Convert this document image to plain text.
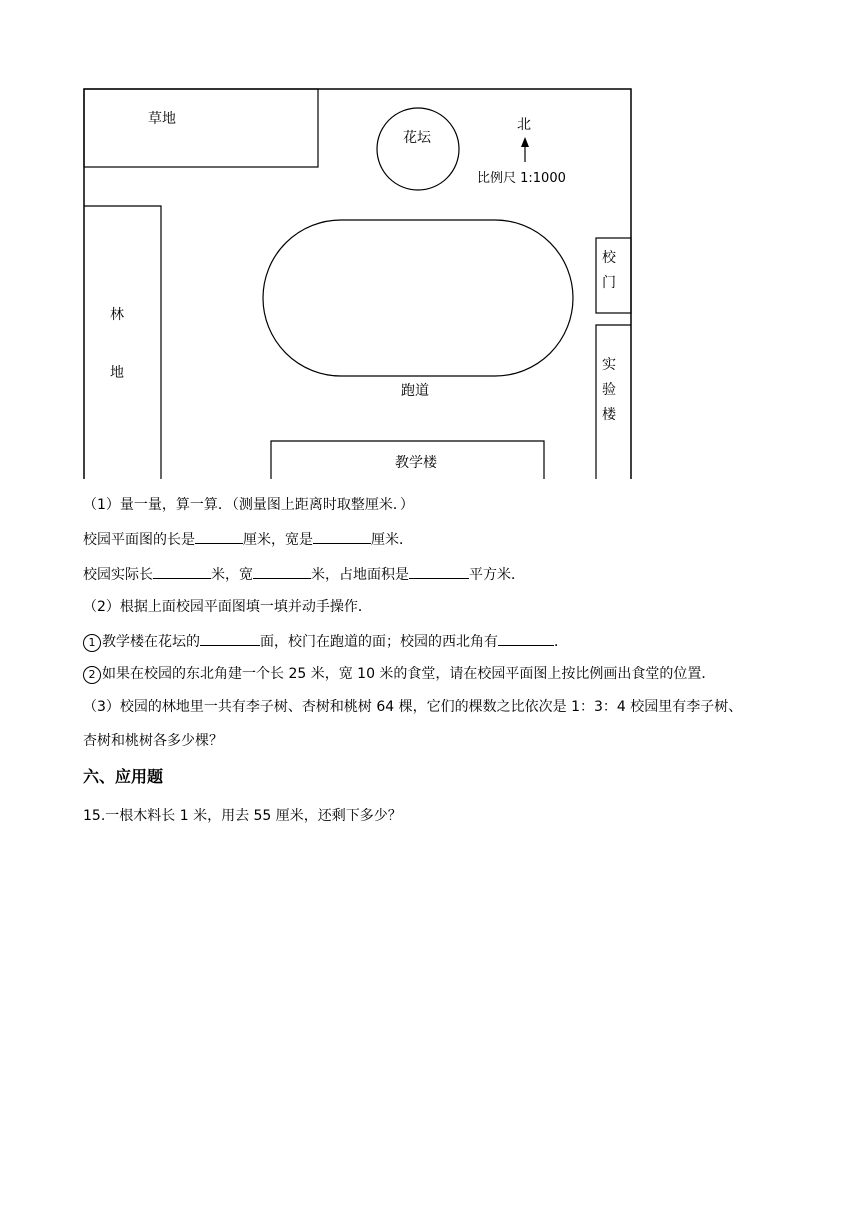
草地
花坛
北
比例尺 1:1000
林
地
跑道
校
门
实
验
楼
教学楼
（1）量一量，算一算．（测量图上距离时取整厘米．）
校园平面图的长是	厘米，宽是	厘米．
校园实际长	米，宽	米，占地面积是	平方米．
（2）根据上面校园平面图填一填并动手操作．
1 教学楼在花坛的	面，校门在跑道的面；校园的西北角有	．
2 如果在校园的东北角建一个长 25 米，宽 10 米的食堂，请在校园平面图上按比例画出食堂的位置．
（3）校园的林地里一共有李子树、杏树和桃树 64 棵，它们的棵数之比依次是 1：3：4 校园里有李子树、
杏树和桃树各多少棵？
六、应用题
15.一根木料长 1 米，用去 55 厘米，还剩下多少？
